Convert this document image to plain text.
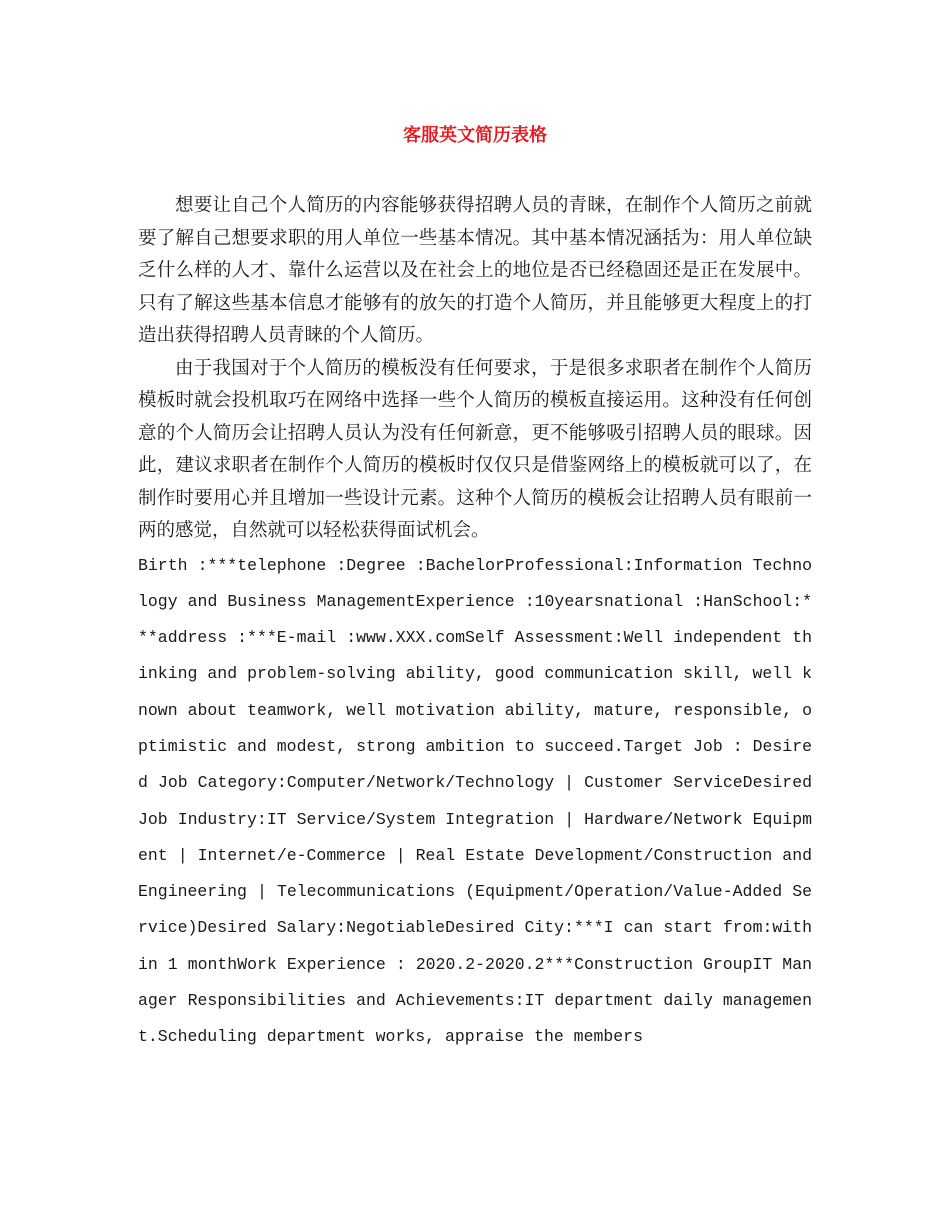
客服英文简历表格

想要让自己个人简历的内容能够获得招聘人员的青睐，在制作个人简历之前就要了解自己想要求职的用人单位一些基本情况。其中基本情况涵括为：用人单位缺乏什么样的人才、靠什么运营以及在社会上的地位是否已经稳固还是正在发展中。只有了解这些基本信息才能够有的放矢的打造个人简历，并且能够更大程度上的打造出获得招聘人员青睐的个人简历。

由于我国对于个人简历的模板没有任何要求，于是很多求职者在制作个人简历模板时就会投机取巧在网络中选择一些个人简历的模板直接运用。这种没有任何创意的个人简历会让招聘人员认为没有任何新意，更不能够吸引招聘人员的眼球。因此，建议求职者在制作个人简历的模板时仅仅只是借鉴网络上的模板就可以了，在制作时要用心并且增加一些设计元素。这种个人简历的模板会让招聘人员有眼前一两的感觉，自然就可以轻松获得面试机会。

Birth :***telephone :Degree :BachelorProfessional:Information Technology and Business ManagementExperience :10yearsnational :HanSchool:***address :***E-mail :www.XXX.comSelf Assessment:Well independent thinking and problem-solving ability, good communication skill, well known about teamwork, well motivation ability, mature, responsible, optimistic and modest, strong ambition to succeed.Target Job : Desired Job Category:Computer/Network/Technology | Customer ServiceDesired Job Industry:IT Service/System Integration | Hardware/Network Equipment | Internet/e-Commerce | Real Estate Development/Construction and Engineering | Telecommunications (Equipment/Operation/Value-Added Service)Desired Salary:NegotiableDesired City:***I can start from:within 1 monthWork Experience : 2020.2-2020.2***Construction GroupIT Manager Responsibilities and Achievements:IT department daily management.Scheduling department works, appraise the members
